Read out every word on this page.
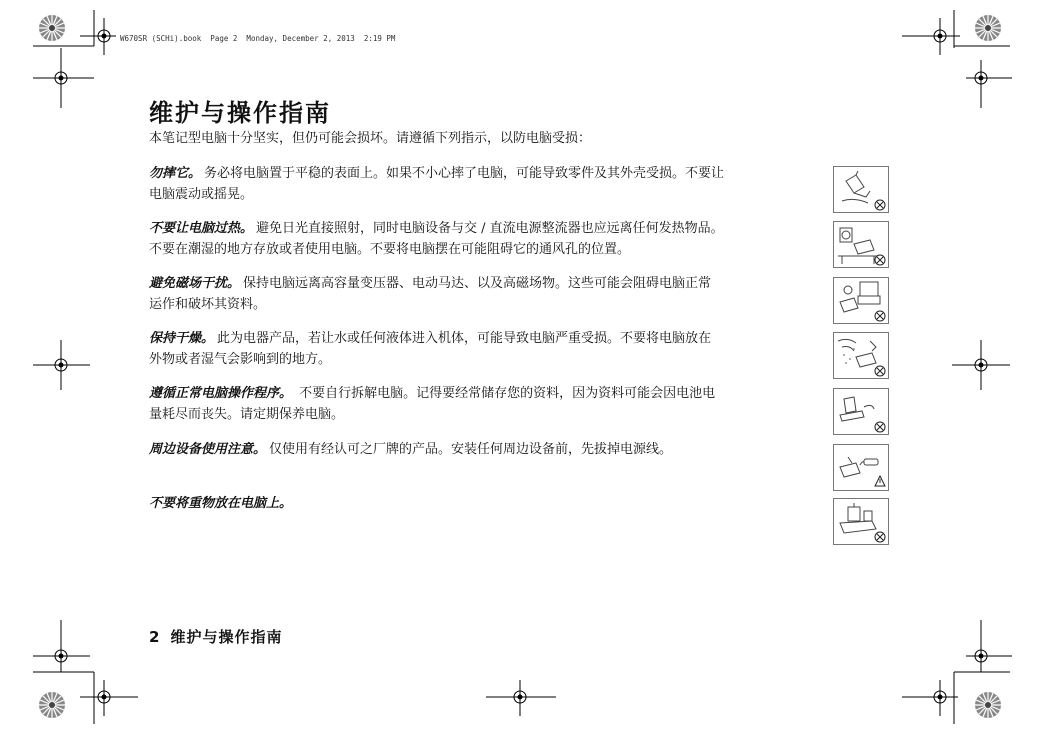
W670SR (SCHi).book  Page 2  Monday, December 2, 2013  2:19 PM
维护与操作指南

本笔记型电脑十分坚实，但仍可能会损坏。请遵循下列指示，以防电脑受损：

勿摔它。 务必将电脑置于平稳的表面上。如果不小心摔了电脑，可能导致零件及其外壳受损。不要让
电脑震动或摇晃。

不要让电脑过热。 避免日光直接照射，同时电脑设备与交 / 直流电源整流器也应远离任何发热物品。
不要在潮湿的地方存放或者使用电脑。不要将电脑摆在可能阻碍它的通风孔的位置。

避免磁场干扰。 保持电脑远离高容量变压器、电动马达、以及高磁场物。这些可能会阻碍电脑正常
运作和破坏其资料。

保持干燥。 此为电器产品，若让水或任何液体进入机体，可能导致电脑严重受损。不要将电脑放在
外物或者湿气会影响到的地方。

遵循正常电脑操作程序。 不要自行拆解电脑。记得要经常储存您的资料，因为资料可能会因电池电
量耗尽而丧失。请定期保养电脑。

周边设备使用注意。 仅使用有经认可之厂牌的产品。安装任何周边设备前，先拔掉电源线。

不要将重物放在电脑上。

2 维护与操作指南
